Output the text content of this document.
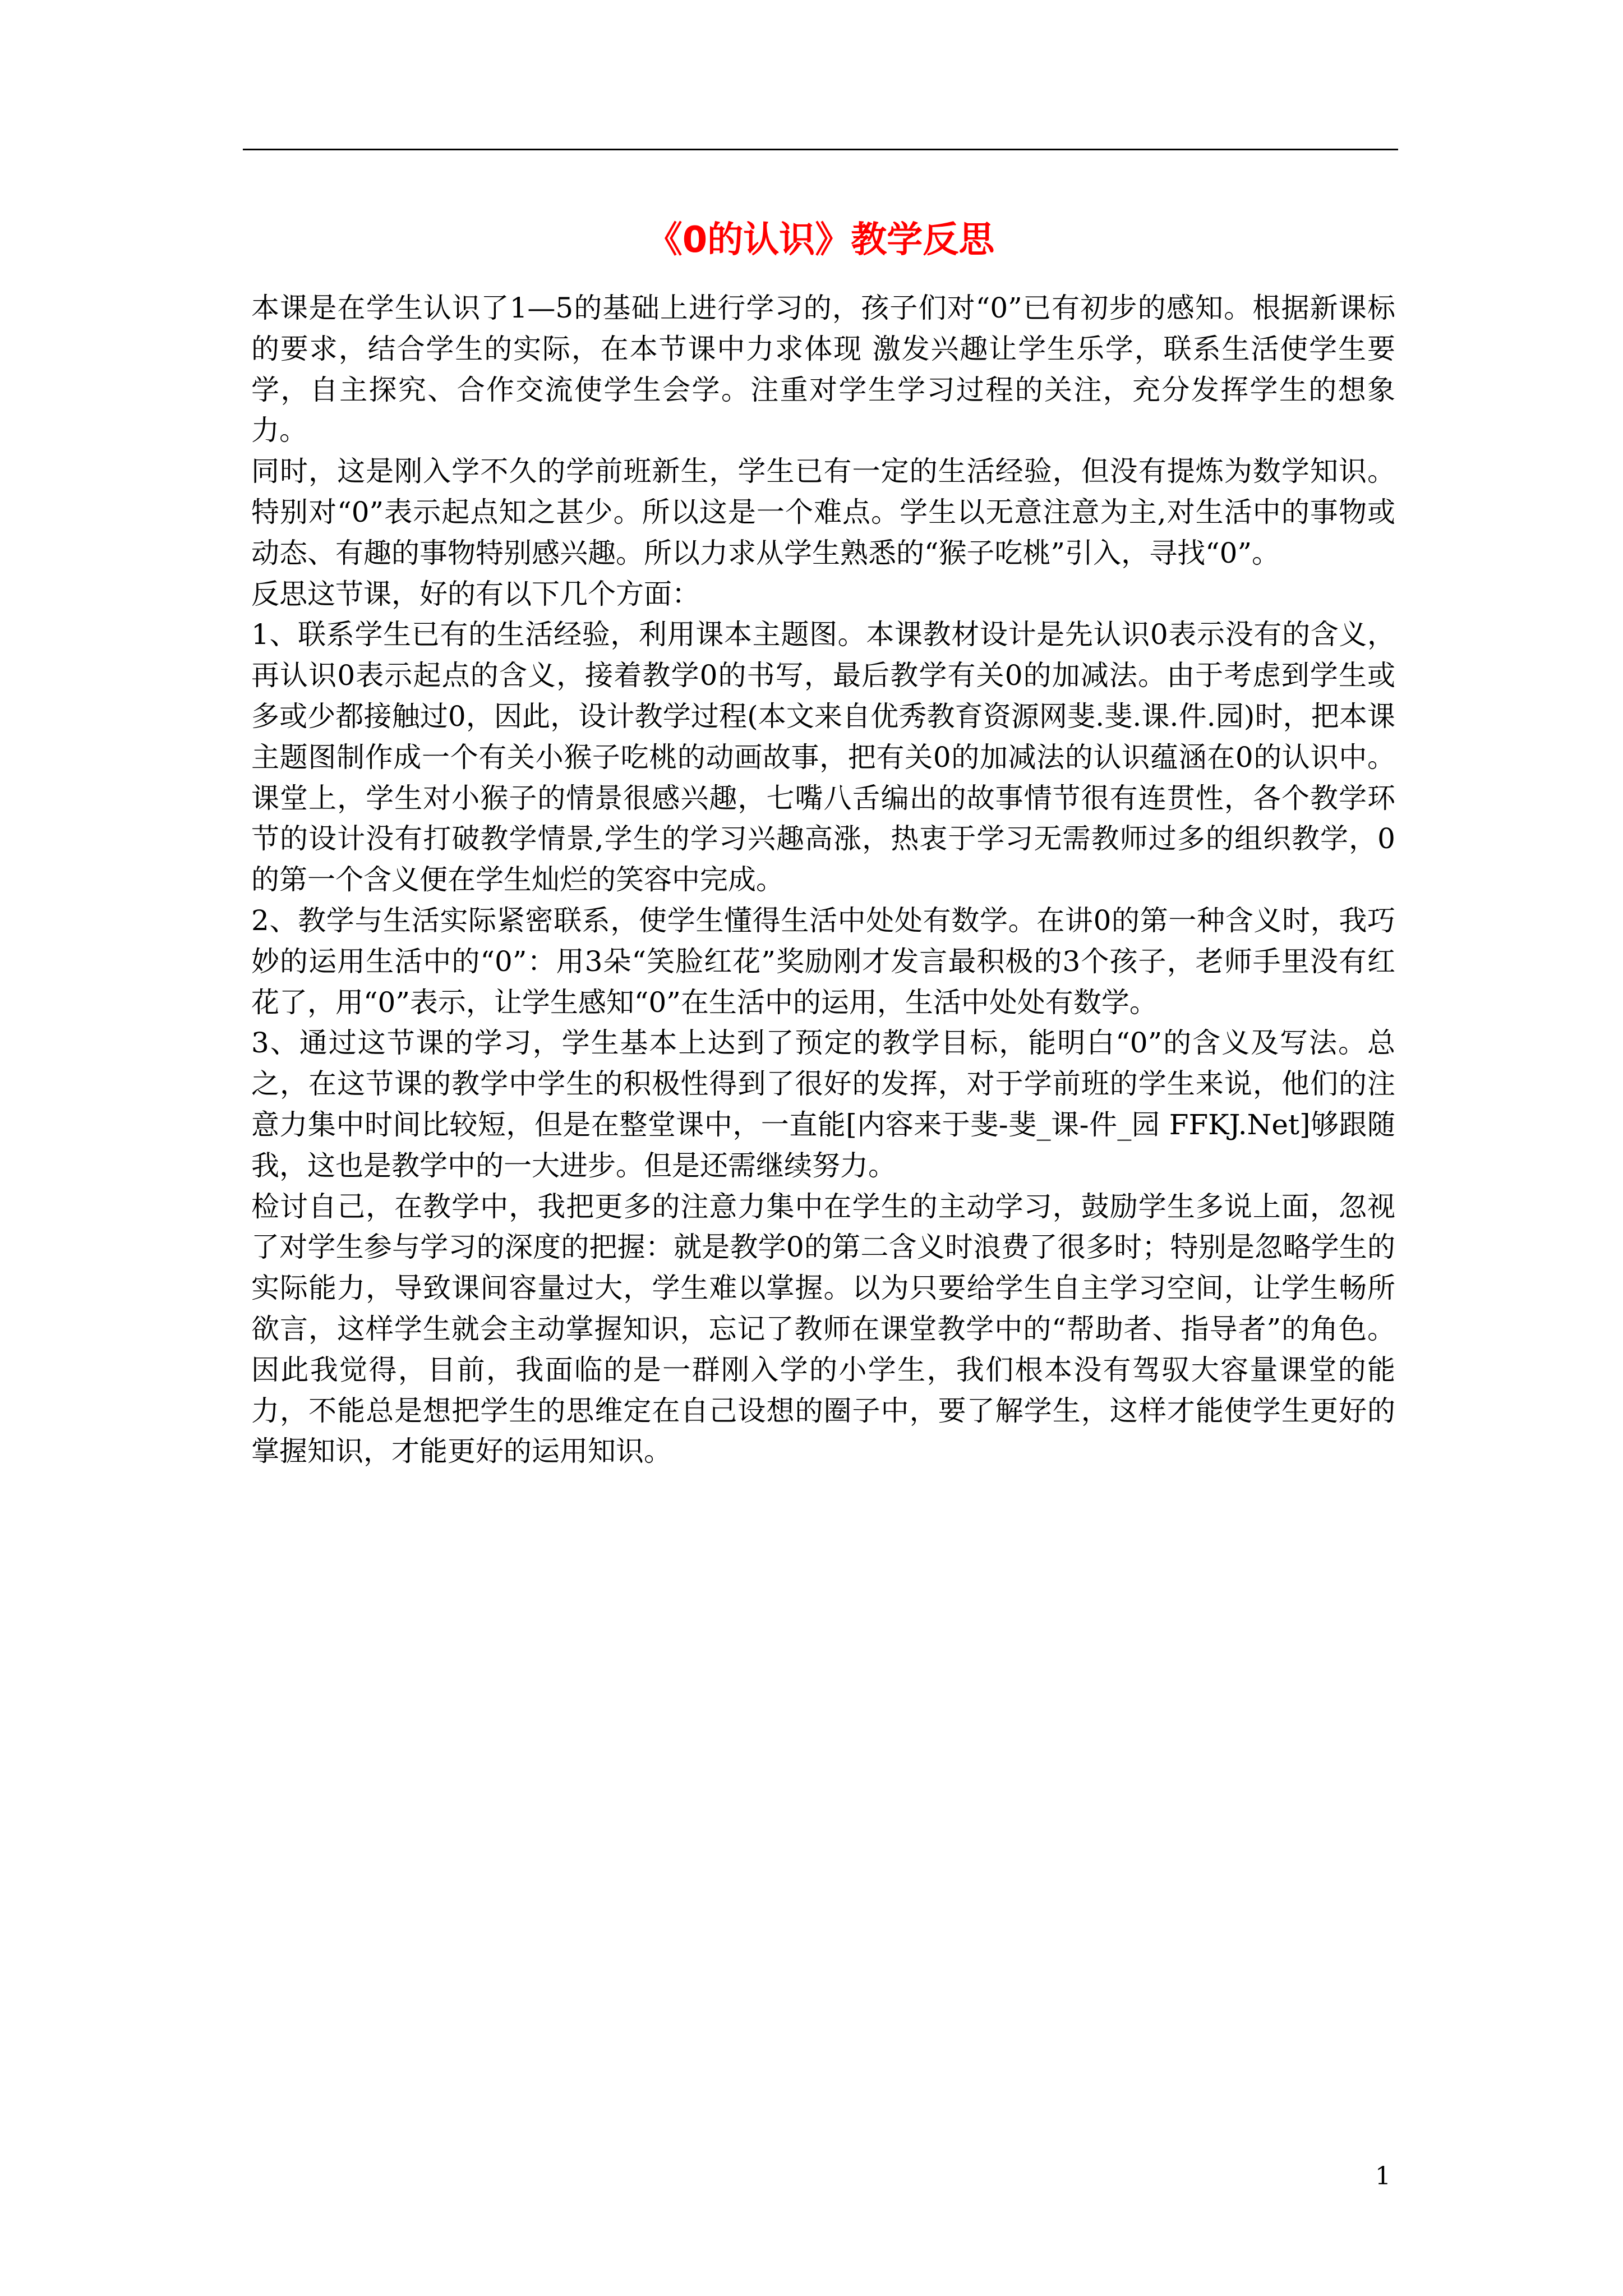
《0的认识》教学反思

本课是在学生认识了1—5的基础上进行学习的，孩子们对“0”已有初步的感知。根据新课标的要求，结合学生的实际，在本节课中力求体现 激发兴趣让学生乐学，联系生活使学生要学，自主探究、合作交流使学生会学。注重对学生学习过程的关注，充分发挥学生的想象力。

同时，这是刚入学不久的学前班新生，学生已有一定的生活经验，但没有提炼为数学知识。特别对“0”表示起点知之甚少。所以这是一个难点。学生以无意注意为主,对生活中的事物或动态、有趣的事物特别感兴趣。所以力求从学生熟悉的“猴子吃桃”引入，寻找“0”。

反思这节课，好的有以下几个方面：

1、联系学生已有的生活经验，利用课本主题图。本课教材设计是先认识0表示没有的含义，再认识0表示起点的含义，接着教学0的书写，最后教学有关0的加减法。由于考虑到学生或多或少都接触过0，因此，设计教学过程(本文来自优秀教育资源网斐.斐.课.件.园)时，把本课主题图制作成一个有关小猴子吃桃的动画故事，把有关0的加减法的认识蕴涵在0的认识中。课堂上，学生对小猴子的情景很感兴趣，七嘴八舌编出的故事情节很有连贯性，各个教学环节的设计没有打破教学情景,学生的学习兴趣高涨，热衷于学习无需教师过多的组织教学，0的第一个含义便在学生灿烂的笑容中完成。

2、教学与生活实际紧密联系，使学生懂得生活中处处有数学。在讲0的第一种含义时，我巧妙的运用生活中的“0”：用3朵“笑脸红花”奖励刚才发言最积极的3个孩子，老师手里没有红花了，用“0”表示，让学生感知“0”在生活中的运用，生活中处处有数学。

3、通过这节课的学习，学生基本上达到了预定的教学目标，能明白“0”的含义及写法。总之，在这节课的教学中学生的积极性得到了很好的发挥，对于学前班的学生来说，他们的注意力集中时间比较短，但是在整堂课中，一直能[内容来于斐-斐_课-件_园 FFKJ.Net]够跟随我，这也是教学中的一大进步。但是还需继续努力。

检讨自己，在教学中，我把更多的注意力集中在学生的主动学习，鼓励学生多说上面，忽视了对学生参与学习的深度的把握：就是教学0的第二含义时浪费了很多时；特别是忽略学生的实际能力，导致课间容量过大，学生难以掌握。以为只要给学生自主学习空间，让学生畅所欲言，这样学生就会主动掌握知识，忘记了教师在课堂教学中的“帮助者、指导者”的角色。因此我觉得，目前，我面临的是一群刚入学的小学生，我们根本没有驾驭大容量课堂的能力，不能总是想把学生的思维定在自己设想的圈子中，要了解学生，这样才能使学生更好的掌握知识，才能更好的运用知识。

1
